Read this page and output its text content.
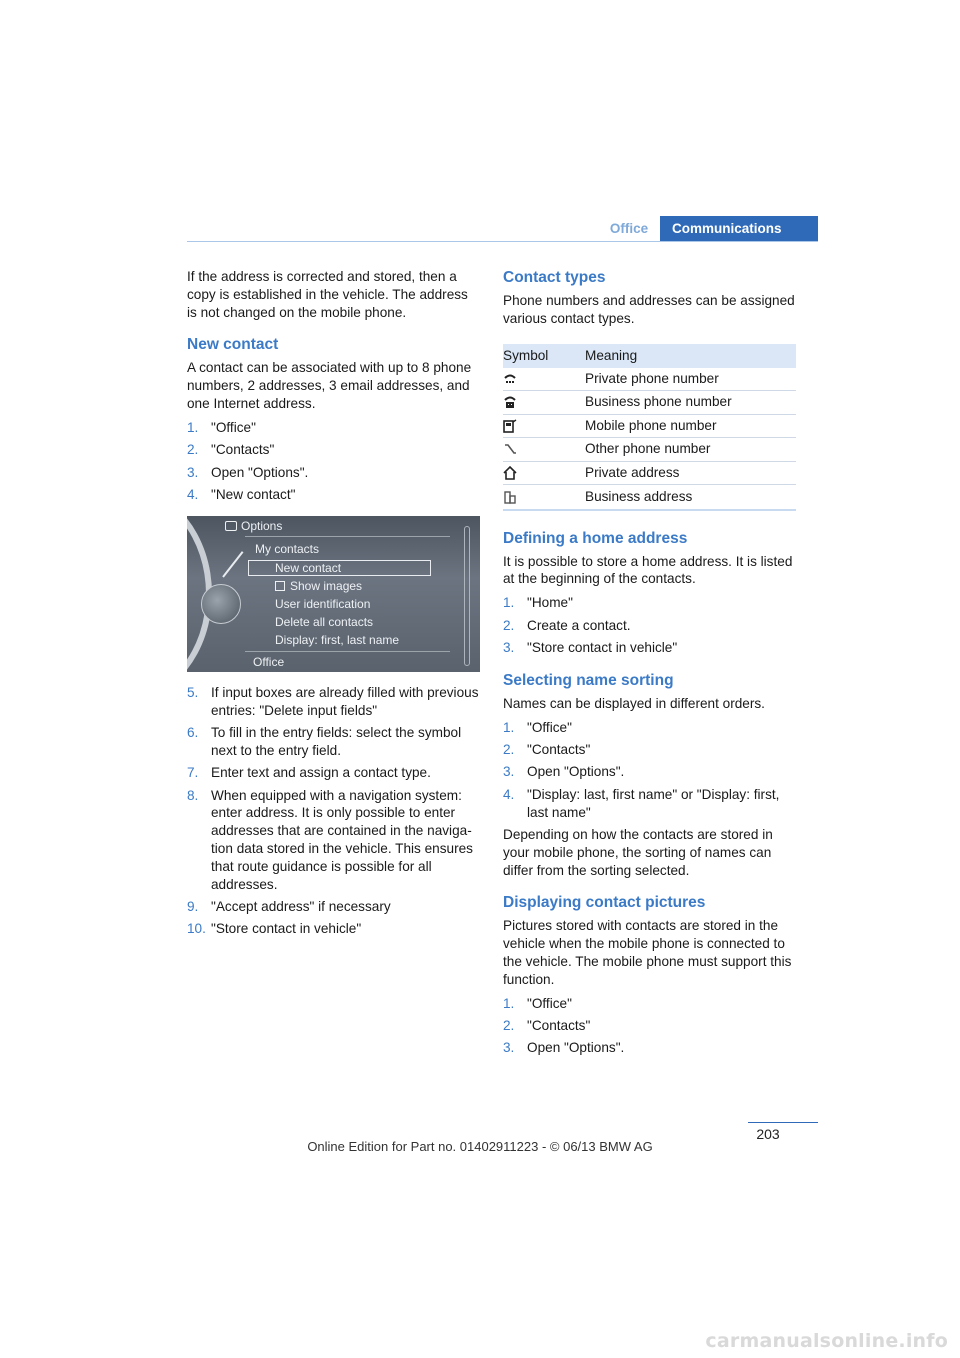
Office	Communications

If the address is corrected and stored, then a copy is established in the vehicle. The address is not changed on the mobile phone.

New contact

A contact can be associated with up to 8 phone numbers, 2 addresses, 3 email addresses, and one Internet address.

1. "Office"
2. "Contacts"
3. Open "Options".
4. "New contact"
Options
My contacts
New contact
Show images
User identification
Delete all contacts
Display: first, last name
Office
5. If input boxes are already filled with previous entries: "Delete input fields"
6. To fill in the entry fields: select the symbol next to the entry field.
7. Enter text and assign a contact type.
8. When equipped with a navigation system: enter address. It is only possible to enter addresses that are contained in the naviga-tion data stored in the vehicle. This ensures that route guidance is possible for all addresses.
9. "Accept address" if necessary
10. "Store contact in vehicle"
Contact types

Phone numbers and addresses can be assigned various contact types.

Symbol	Meaning
Private phone number
Business phone number
Mobile phone number
Other phone number
Private address
Business address
Defining a home address

It is possible to store a home address. It is listed at the beginning of the contacts.

1. "Home"
2. Create a contact.
3. "Store contact in vehicle"
Selecting name sorting

Names can be displayed in different orders.

1. "Office"
2. "Contacts"
3. Open "Options".
4. "Display: last, first name" or "Display: first, last name"

Depending on how the contacts are stored in your mobile phone, the sorting of names can differ from the sorting selected.

Displaying contact pictures

Pictures stored with contacts are stored in the vehicle when the mobile phone is connected to the vehicle. The mobile phone must support this function.

1. "Office"
2. "Contacts"
3. Open "Options".
203
Online Edition for Part no. 01402911223 - © 06/13 BMW AG
carmanualsonline.info
